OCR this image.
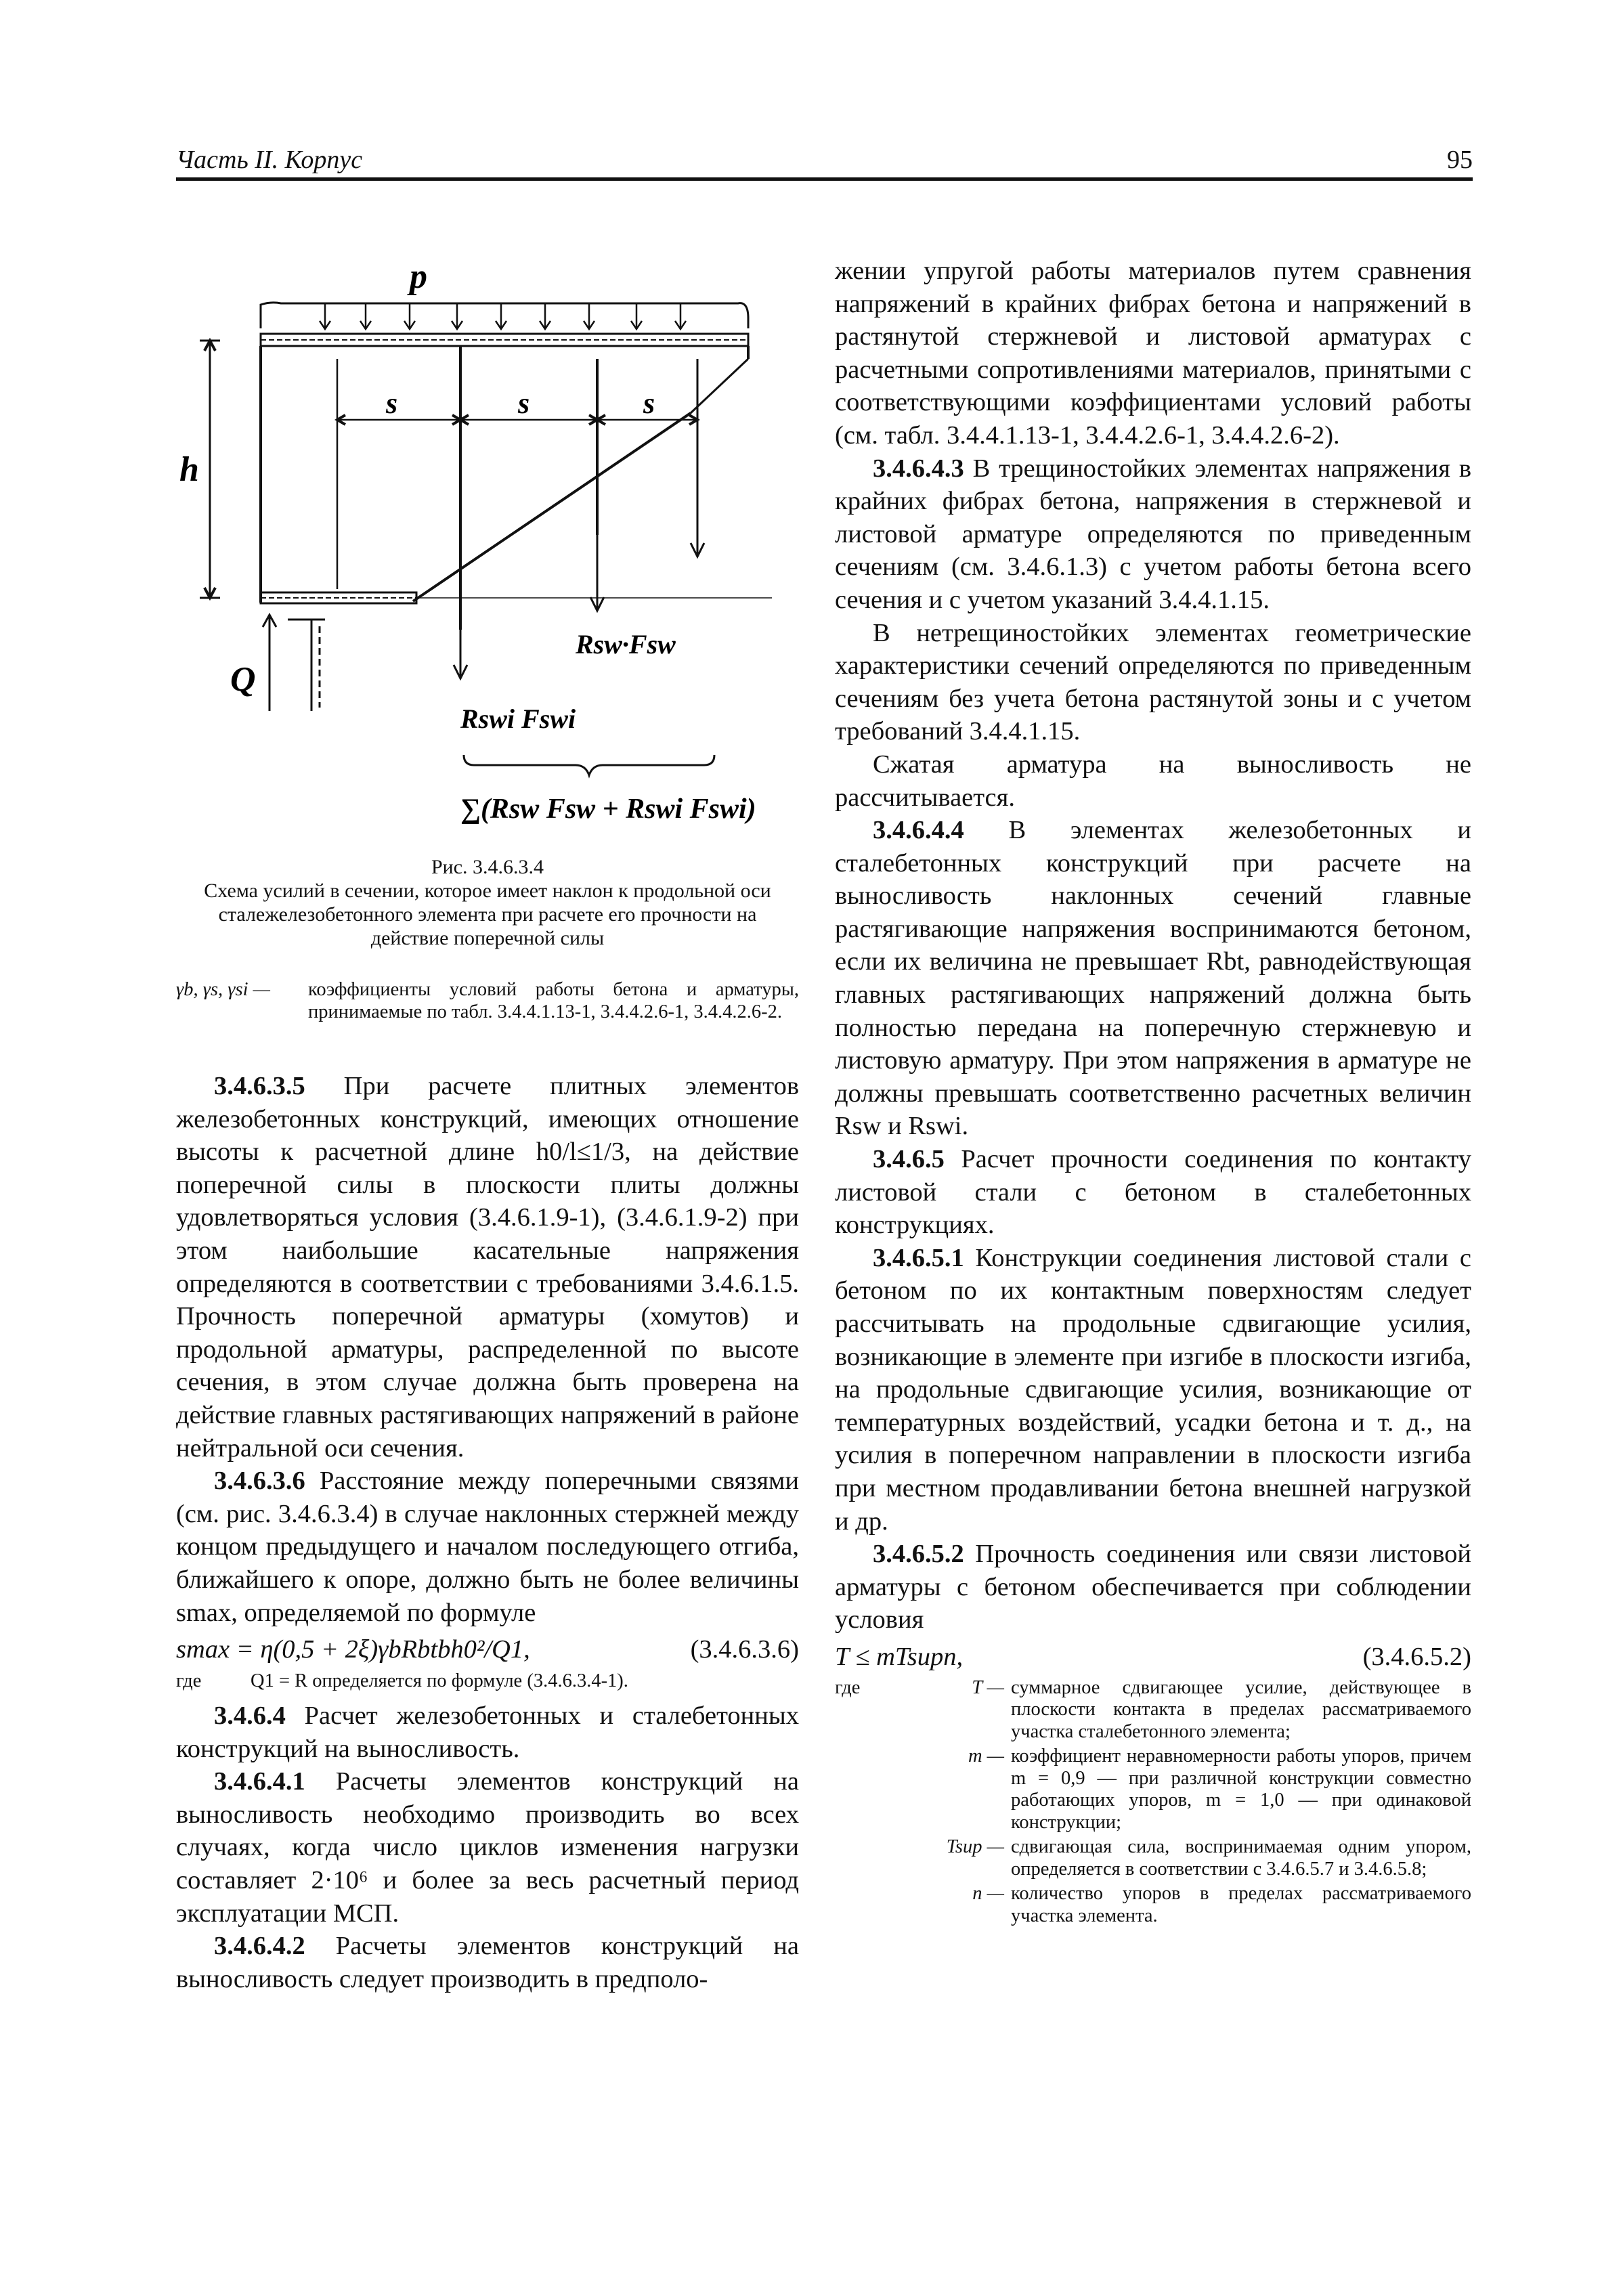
Часть II. Корпус	95
p
h
s	s	s
Q
Rsw·Fsw
Rswi Fswi
∑(Rsw Fsw + Rswi Fswi)
Рис. 3.4.6.3.4
Схема усилий в сечении, которое имеет наклон к продольной оси сталежелезобетонного элемента при расчете его прочности на действие поперечной силы
γb, γs, γsi —	коэффициенты условий работы бетона и арматуры, принимаемые по табл. 3.4.4.1.13-1, 3.4.4.2.6-1, 3.4.4.2.6-2.

3.4.6.3.5 При расчете плитных элементов железобетонных конструкций, имеющих отношение высоты к расчетной длине h0/l≤1/3, на действие поперечной силы в плоскости плиты должны удовлетворяться условия (3.4.6.1.9-1), (3.4.6.1.9-2) при этом наибольшие касательные напряжения определяются в соответствии с требованиями 3.4.6.1.5. Прочность поперечной арматуры (хомутов) и продольной арматуры, распределенной по высоте сечения, в этом случае должна быть проверена на действие главных растягивающих напряжений в районе нейтральной оси сечения.

3.4.6.3.6 Расстояние между поперечными связями (см. рис. 3.4.6.3.4) в случае наклонных стержней между концом предыдущего и началом последующего отгиба, ближайшего к опоре, должно быть не более величины smax, определяемой по формуле

smax = η(0,5 + 2ξ)γbRbtbh0²/Q1,	(3.4.6.3.6)
где	Q1 = R определяется по формуле (3.4.6.3.4-1).

3.4.6.4 Расчет железобетонных и сталебетонных конструкций на выносливость.

3.4.6.4.1 Расчеты элементов конструкций на выносливость необходимо производить во всех случаях, когда число циклов изменения нагрузки составляет 2·10⁶ и более за весь расчетный период эксплуатации МСП.

3.4.6.4.2 Расчеты элементов конструкций на выносливость следует производить в предполо-

жении упругой работы материалов путем сравнения напряжений в крайних фибрах бетона и напряжений в растянутой стержневой и листовой арматурах с расчетными сопротивлениями материалов, принятыми с соответствующими коэффициентами условий работы (см. табл. 3.4.4.1.13-1, 3.4.4.2.6-1, 3.4.4.2.6-2).

3.4.6.4.3 В трещиностойких элементах напряжения в крайних фибрах бетона, напряжения в стержневой и листовой арматуре определяются по приведенным сечениям (см. 3.4.6.1.3) с учетом работы бетона всего сечения и с учетом указаний 3.4.4.1.15.

В нетрещиностойких элементах геометрические характеристики сечений определяются по приведенным сечениям без учета бетона растянутой зоны и с учетом требований 3.4.4.1.15.

Сжатая арматура на выносливость не рассчитывается.

3.4.6.4.4 В элементах железобетонных и сталебетонных конструкций при расчете на выносливость наклонных сечений главные растягивающие напряжения воспринимаются бетоном, если их величина не превышает Rbt, равнодействующая главных растягивающих напряжений должна быть полностью передана на поперечную стержневую и листовую арматуру. При этом напряжения в арматуре не должны превышать соответственно расчетных величин Rsw и Rswi.

3.4.6.5 Расчет прочности соединения по контакту листовой стали с бетоном в сталебетонных конструкциях.

3.4.6.5.1 Конструкции соединения листовой стали с бетоном по их контактным поверхностям следует рассчитывать на продольные сдвигающие усилия, возникающие в элементе при изгибе в плоскости изгиба, на продольные сдвигающие усилия, возникающие от температурных воздействий, усадки бетона и т. д., на усилия в поперечном направлении в плоскости изгиба при местном продавливании бетона внешней нагрузкой и др.

3.4.6.5.2 Прочность соединения или связи листовой арматуры с бетоном обеспечивается при соблюдении условия

T ≤ mTsupn,	(3.4.6.5.2)
где	T — суммарное сдвигающее усилие, действующее в плоскости контакта в пределах рассматриваемого участка сталебетонного элемента;
m — коэффициент неравномерности работы упоров, причем m = 0,9 — при различной конструкции совместно работающих упоров, m = 1,0 — при одинаковой конструкции;
Tsup — сдвигающая сила, воспринимаемая одним упором, определяется в соответствии с 3.4.6.5.7 и 3.4.6.5.8;
n — количество упоров в пределах рассматриваемого участка элемента.
